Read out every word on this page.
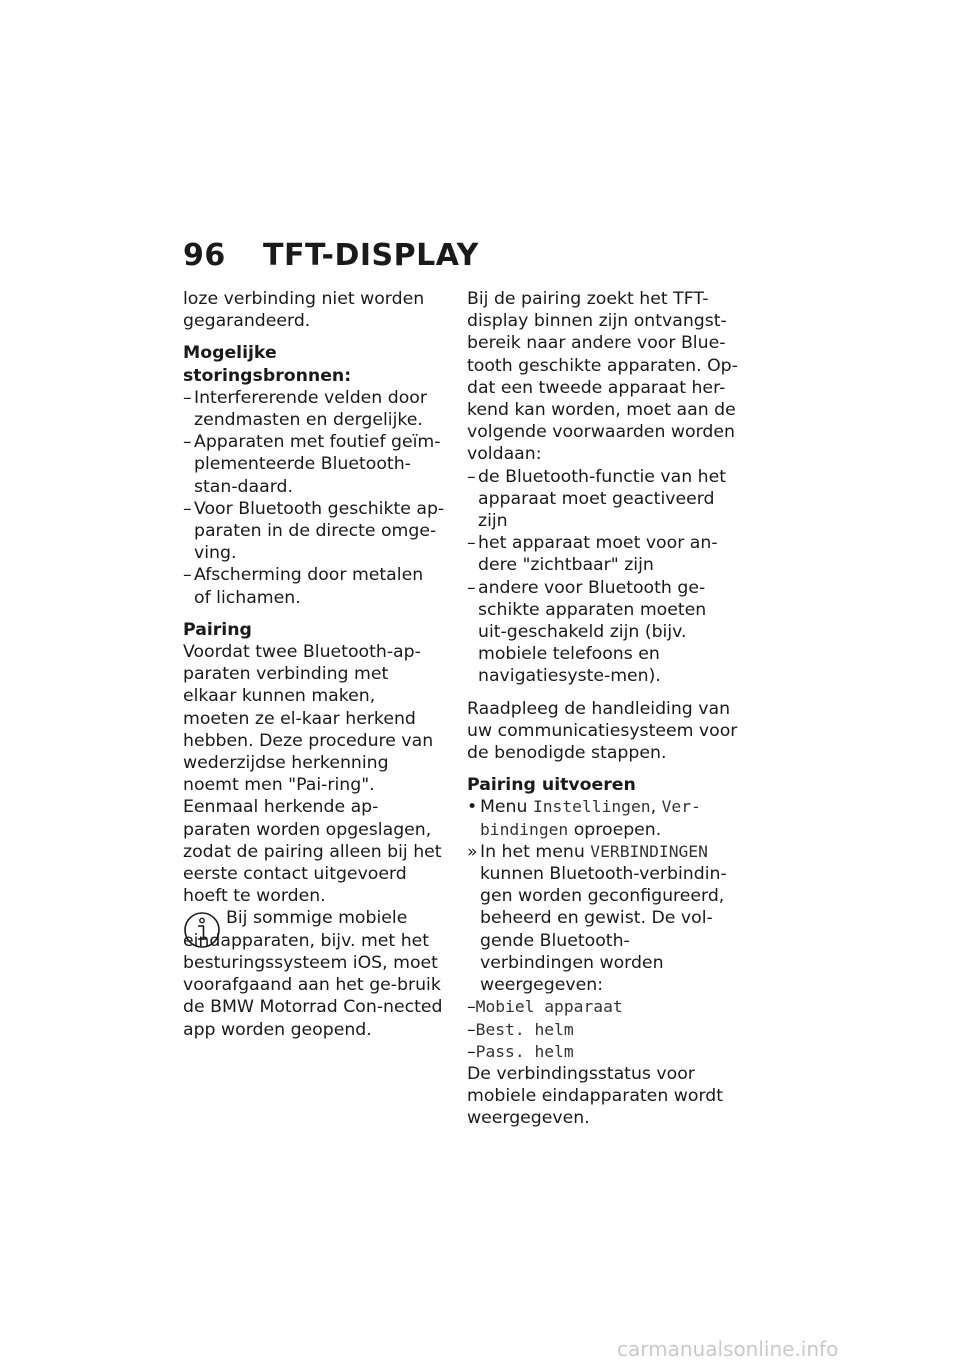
96 TFT-DISPLAY

loze verbinding niet worden gegarandeerd.

Mogelijke storingsbronnen:

– Interfererende velden door zendmasten en dergelijke.

– Apparaten met foutief geïm-plementeerde Bluetooth-stan-daard.

– Voor Bluetooth geschikte ap-paraten in de directe omge-ving.

– Afscherming door metalen of lichamen.

Pairing

Voordat twee Bluetooth-ap-paraten verbinding met elkaar kunnen maken, moeten ze el-kaar herkend hebben. Deze procedure van wederzijdse herkenning noemt men "Pai-ring". Eenmaal herkende ap-paraten worden opgeslagen, zodat de pairing alleen bij het eerste contact uitgevoerd hoeft te worden.

Bij sommige mobiele eindapparaten, bijv. met het besturingssysteem iOS, moet voorafgaand aan het ge-bruik de BMW Motorrad Con-nected app worden geopend.

Bij de pairing zoekt het TFT-display binnen zijn ontvangst-bereik naar andere voor Blue-tooth geschikte apparaten. Op-dat een tweede apparaat her-kend kan worden, moet aan de volgende voorwaarden worden voldaan:

– de Bluetooth-functie van het apparaat moet geactiveerd zijn

– het apparaat moet voor an-dere "zichtbaar" zijn

– andere voor Bluetooth ge-schikte apparaten moeten uit-geschakeld zijn (bijv. mobiele telefoons en navigatiesyste-men).

Raadpleeg de handleiding van uw communicatiesysteem voor de benodigde stappen.

Pairing uitvoeren

• Menu Instellingen, Ver-bindingen oproepen.

» In het menu VERBINDINGEN kunnen Bluetooth-verbindin-gen worden geconfigureerd, beheerd en gewist. De vol-gende Bluetooth-verbindingen worden weergegeven:

–Mobiel apparaat

–Best. helm

–Pass. helm

De verbindingsstatus voor mobiele eindapparaten wordt weergegeven.

carmanualsonline.info
